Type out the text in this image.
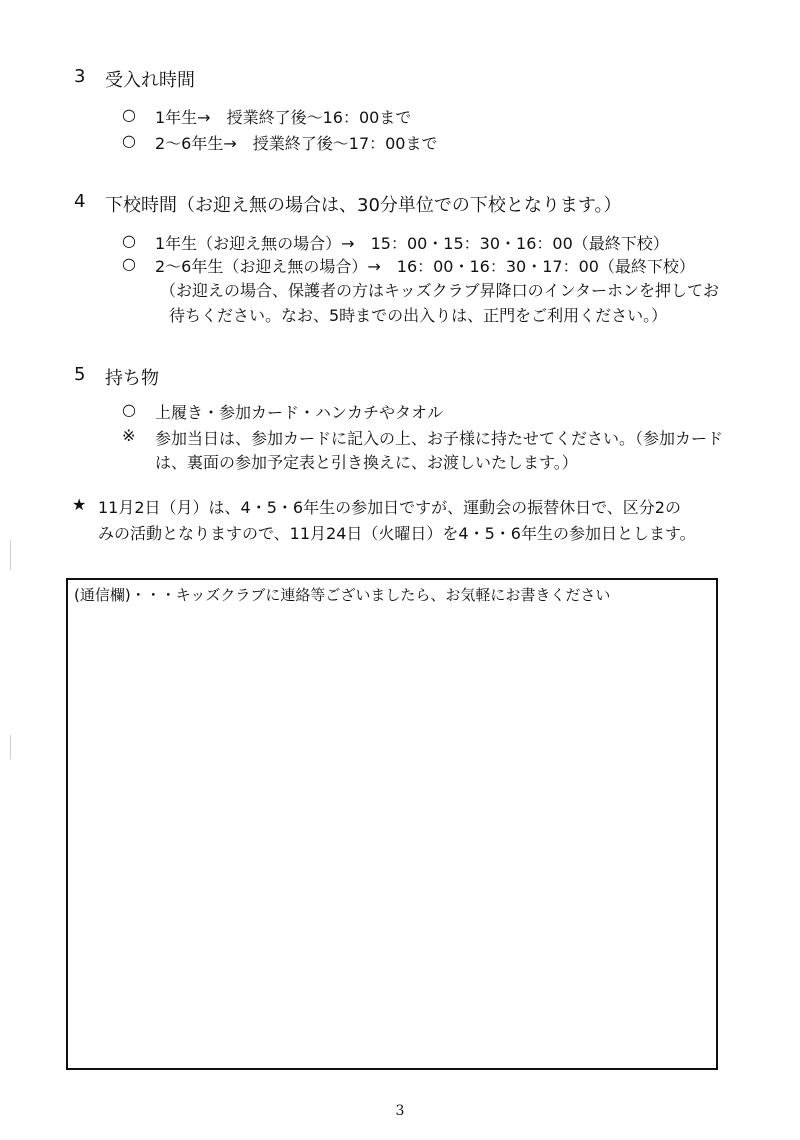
3 受入れ時間
○ 1年生→　授業終了後～16：00まで
○ 2～6年生→　授業終了後～17：00まで
4 下校時間（お迎え無の場合は、30分単位での下校となります。）
○ 1年生（お迎え無の場合）→　15：00・15：30・16：00（最終下校）
○ 2～6年生（お迎え無の場合）→　16：00・16：30・17：00（最終下校）
（お迎えの場合、保護者の方はキッズクラブ昇降口のインターホンを押してお
待ちください。なお、5時までの出入りは、正門をご利用ください。）
5 持ち物
○ 上履き・参加カード・ハンカチやタオル
※ 参加当日は、参加カードに記入の上、お子様に持たせてください。（参加カード
は、裏面の参加予定表と引き換えに、お渡しいたします。）
★ 11月2日（月）は、4・5・6年生の参加日ですが、運動会の振替休日で、区分2の
みの活動となりますので、11月24日（火曜日）を4・5・6年生の参加日とします。
(通信欄)・・・キッズクラブに連絡等ございましたら、お気軽にお書きください
3
